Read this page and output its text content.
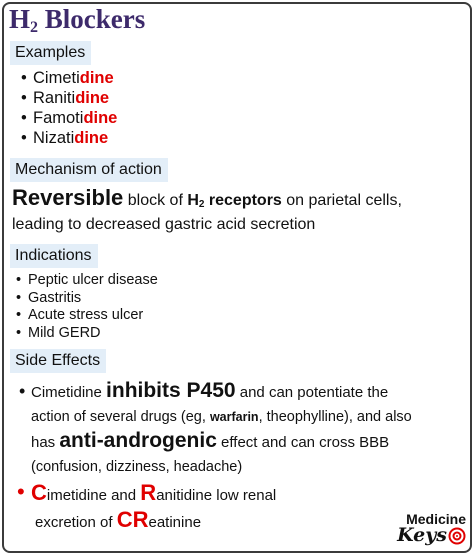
$H_2$ Blockers
Examples
• Cimetidine
• Ranitidine
• Famotidine
• Nizatidine
Mechanism of action
Reversible block of $H_2$ receptors on parietal cells,
leading to decreased gastric acid secretion
Indications
• Peptic ulcer disease
• Gastritis
• Acute stress ulcer
• Mild GERD
Side Effects
• Cimetidine inhibits P450 and can potentiate the
action of several drugs (eg, warfarin, theophylline), and also
has anti-androgenic effect and can cross BBB
(confusion, dizziness, headache)
• Cimetidine and Ranitidine low renal
excretion of CReatinine	Medicine
Keys
